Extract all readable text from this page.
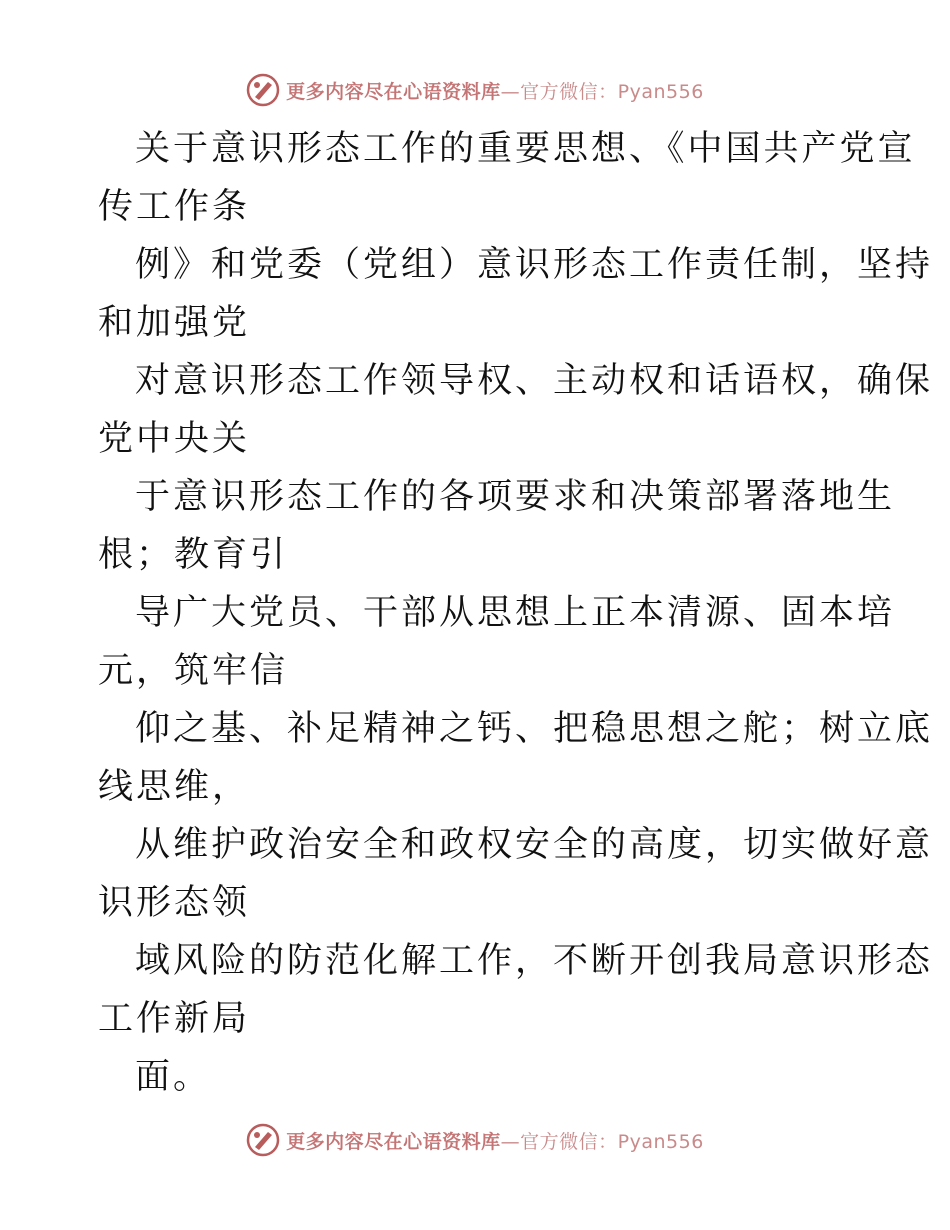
更多内容尽在心语资料库 —官方微信：Pyan556
关于意识形态工作的重要思想、《中国共产党宣
传工作条
例》和党委（党组）意识形态工作责任制，坚持
和加强党
对意识形态工作领导权、主动权和话语权，确保
党中央关
于意识形态工作的各项要求和决策部署落地生
根；教育引
导广大党员、干部从思想上正本清源、固本培
元，筑牢信
仰之基、补足精神之钙、把稳思想之舵；树立底
线思维，
从维护政治安全和政权安全的高度，切实做好意
识形态领
域风险的防范化解工作，不断开创我局意识形态
工作新局
面。
更多内容尽在心语资料库 —官方微信：Pyan556
